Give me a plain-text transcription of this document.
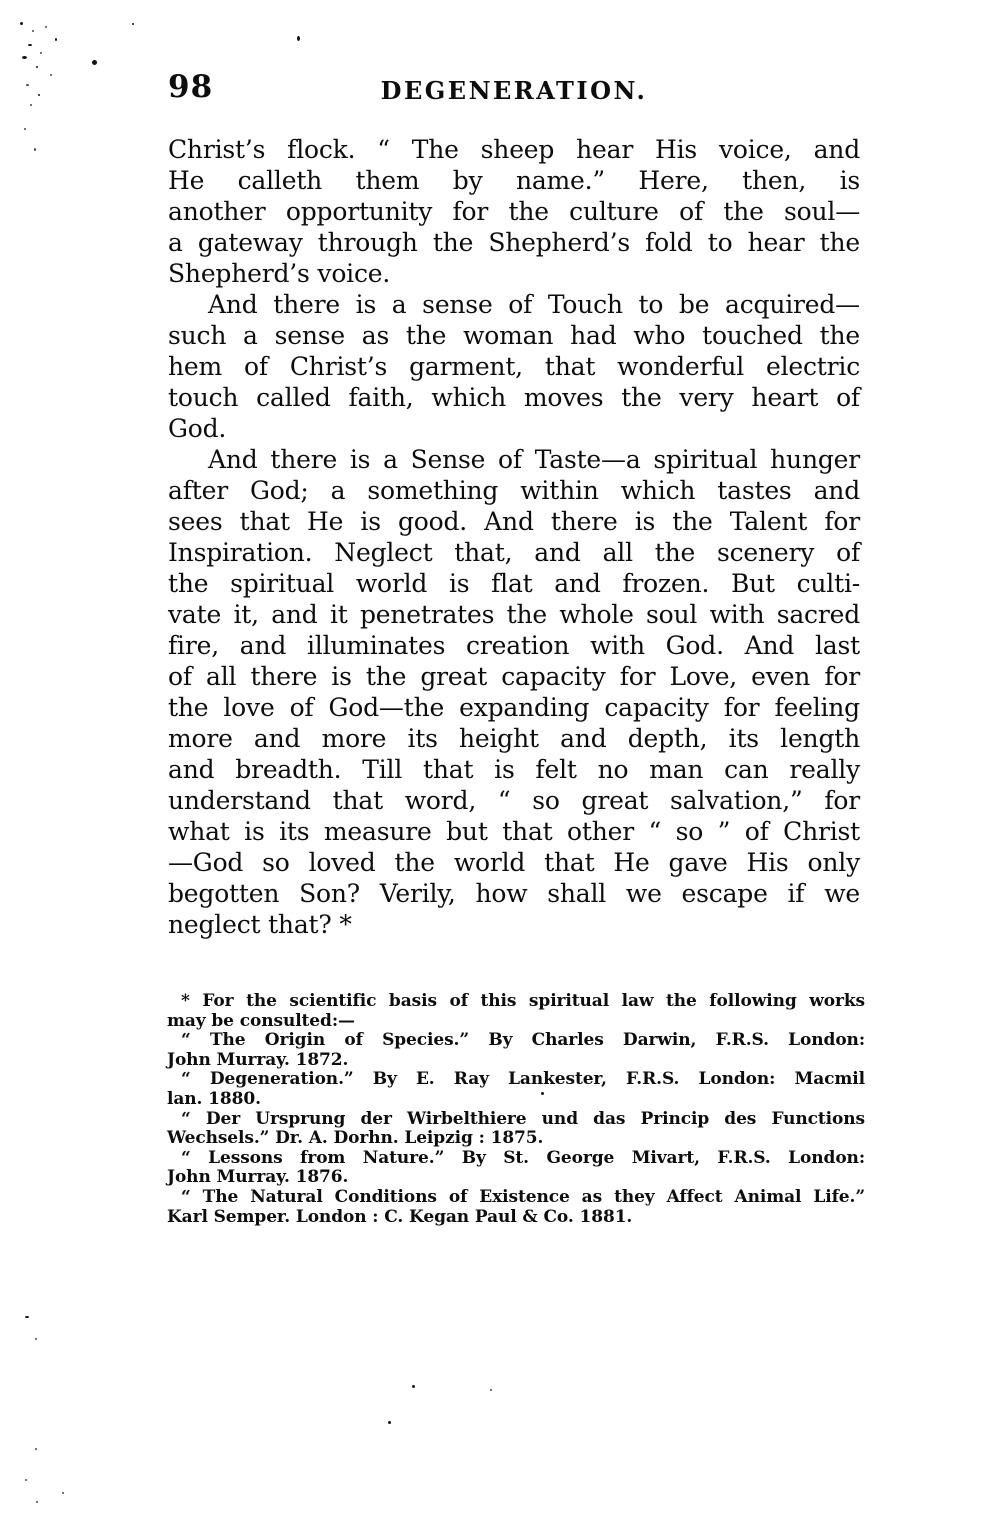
98	DEGENERATION.
Christ’s flock. “ The sheep hear His voice, and
He calleth them by name.” Here, then, is
another opportunity for the culture of the soul—
a gateway through the Shepherd’s fold to hear the
Shepherd’s voice.
And there is a sense of Touch to be acquired—
such a sense as the woman had who touched the
hem of Christ’s garment, that wonderful electric
touch called faith, which moves the very heart of
God.
And there is a Sense of Taste—a spiritual hunger
after God; a something within which tastes and
sees that He is good. And there is the Talent for
Inspiration. Neglect that, and all the scenery of
the spiritual world is flat and frozen. But culti-
vate it, and it penetrates the whole soul with sacred
fire, and illuminates creation with God. And last
of all there is the great capacity for Love, even for
the love of God—the expanding capacity for feeling
more and more its height and depth, its length
and breadth. Till that is felt no man can really
understand that word, “ so great salvation,” for
what is its measure but that other “ so ” of Christ
—God so loved the world that He gave His only
begotten Son? Verily, how shall we escape if we
neglect that? *
* For the scientific basis of this spiritual law the following works
may be consulted:—
“ The Origin of Species.” By Charles Darwin, F.R.S. London:
John Murray. 1872.
“ Degeneration.” By E. Ray Lankester, F.R.S. London: Macmil
lan. 1880.
“ Der Ursprung der Wirbelthiere und das Princip des Functions
Wechsels.” Dr. A. Dorhn. Leipzig : 1875.
“ Lessons from Nature.” By St. George Mivart, F.R.S. London:
John Murray. 1876.
“ The Natural Conditions of Existence as they Affect Animal Life.”
Karl Semper. London : C. Kegan Paul & Co. 1881.
